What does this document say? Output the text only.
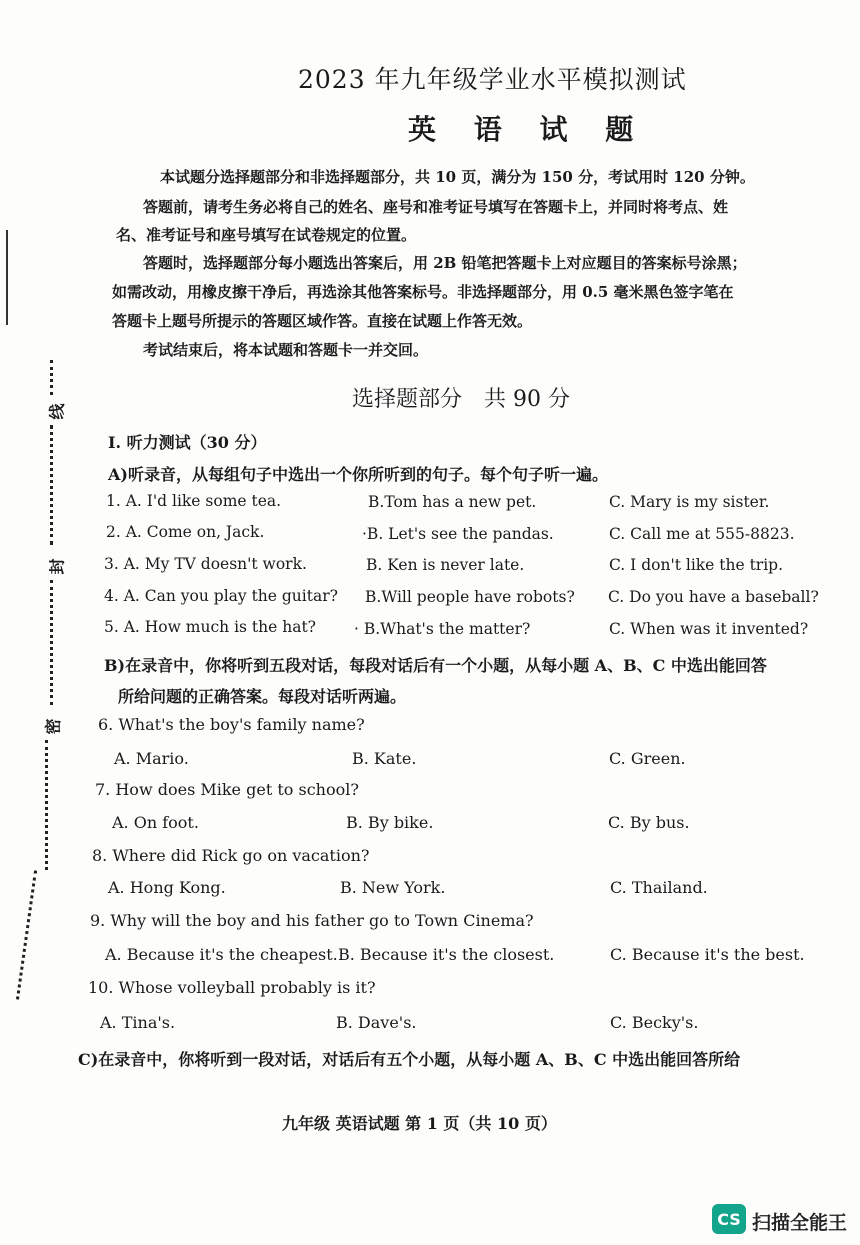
线
封
密
2023 年九年级学业水平模拟测试
英 语 试 题
本试题分选择题部分和非选择题部分，共 10 页，满分为 150 分，考试用时 120 分钟。
答题前，请考生务必将自己的姓名、座号和准考证号填写在答题卡上，并同时将考点、姓
名、准考证号和座号填写在试卷规定的位置。
答题时，选择题部分每小题选出答案后，用 2B 铅笔把答题卡上对应题目的答案标号涂黑；
如需改动，用橡皮擦干净后，再选涂其他答案标号。非选择题部分，用 0.5 毫米黑色签字笔在
答题卡上题号所提示的答题区域作答。直接在试题上作答无效。
考试结束后，将本试题和答题卡一并交回。
选择题部分　共 90 分
I. 听力测试（30 分）
A)听录音，从每组句子中选出一个你所听到的句子。每个句子听一遍。
1. A. I'd like some tea.	B.Tom has a new pet.	C. Mary is my sister.
2. A. Come on, Jack.	·B. Let's see the pandas.	C. Call me at 555-8823.
3. A. My TV doesn't work.	B. Ken is never late.	C. I don't like the trip.
4. A. Can you play the guitar? B.Will people have robots? C. Do you have a baseball?
5. A. How much is the hat? · B.What's the matter?	C. When was it invented?
B)在录音中，你将听到五段对话，每段对话后有一个小题，从每小题 A、B、C 中选出能回答
所给问题的正确答案。每段对话听两遍。
6. What's the boy's family name?
A. Mario.	B. Kate.	C. Green.
7. How does Mike get to school?
A. On foot.	B. By bike.	C. By bus.
8. Where did Rick go on vacation?
A. Hong Kong.	B. New York.	C. Thailand.
9. Why will the boy and his father go to Town Cinema?
A. Because it's the cheapest. B. Because it's the closest.	C. Because it's the best.
10. Whose volleyball probably is it?
A. Tina's.	B. Dave's.	C. Becky's.
C)在录音中，你将听到一段对话，对话后有五个小题，从每小题 A、B、C 中选出能回答所给
九年级 英语试题 第 1 页（共 10 页）
CS 扫描全能王
